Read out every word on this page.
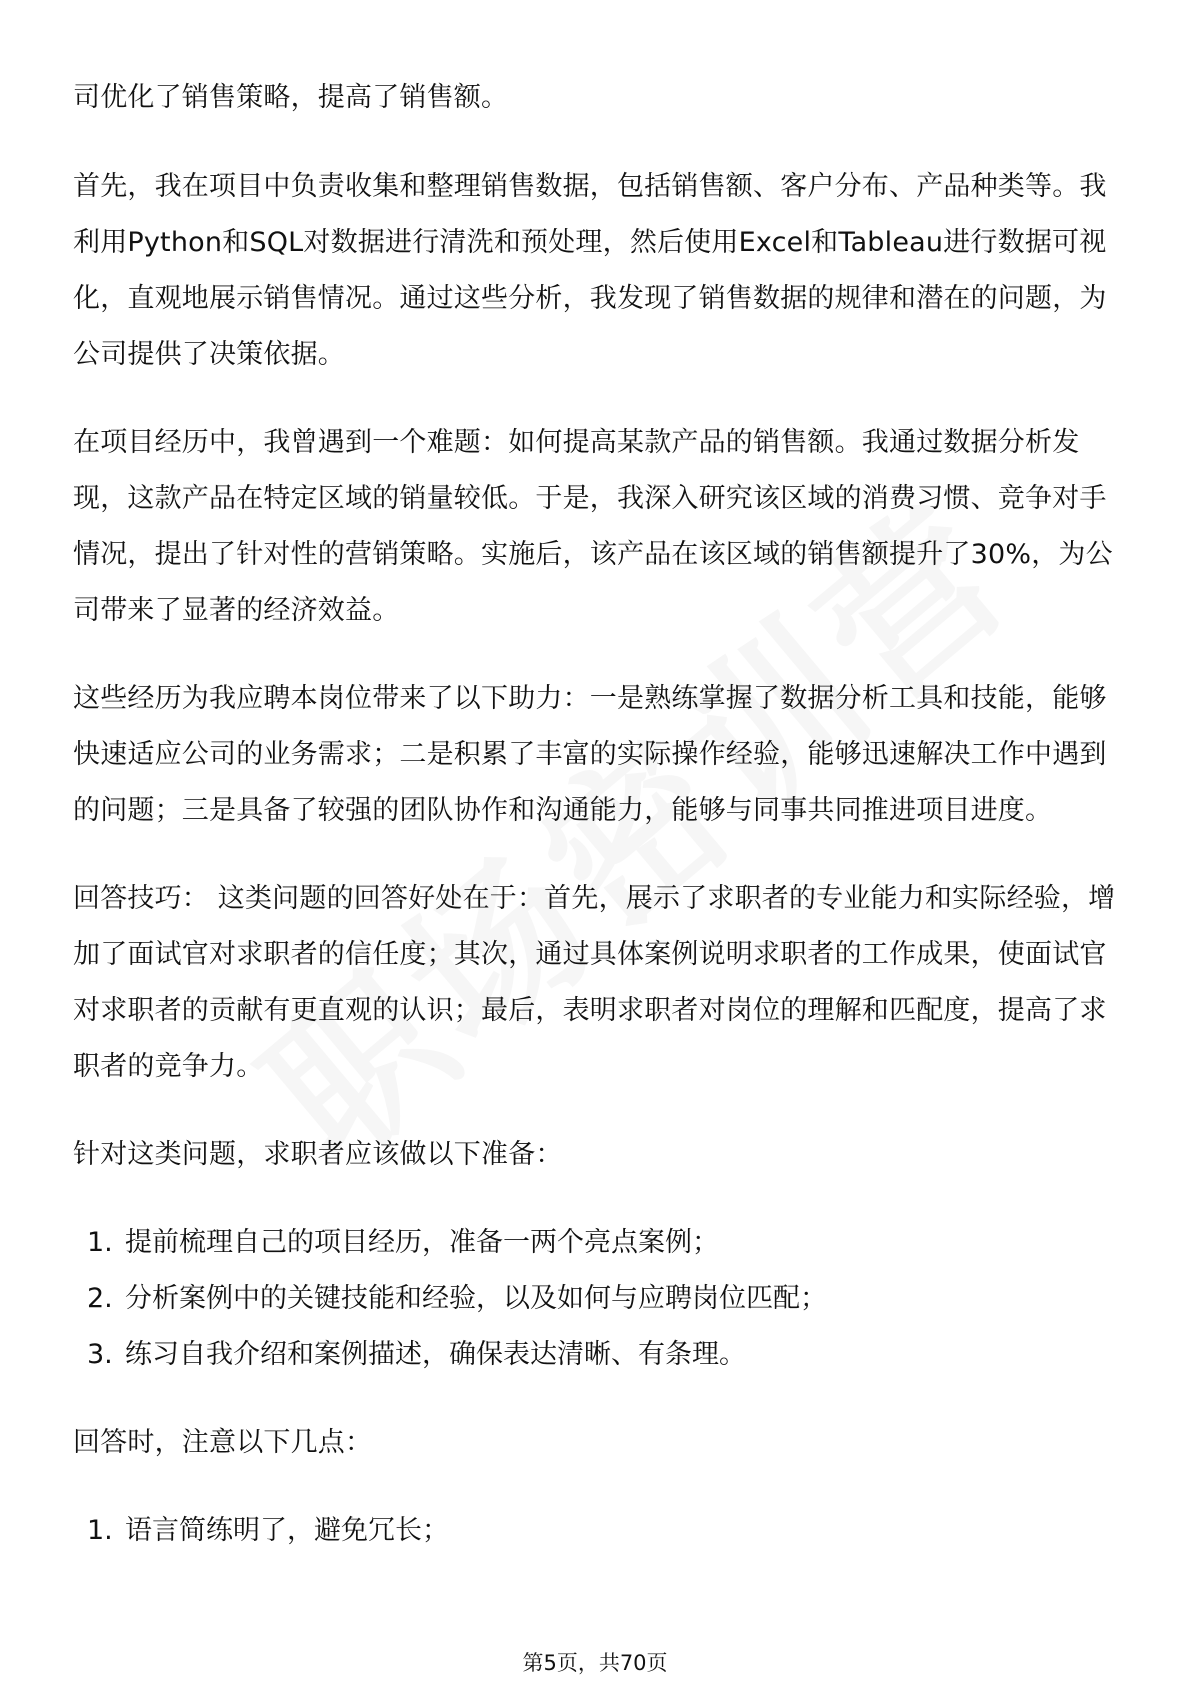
司优化了销售策略，提高了销售额。

首先，我在项目中负责收集和整理销售数据，包括销售额、客户分布、产品种类等。我利用Python和SQL对数据进行清洗和预处理，然后使用Excel和Tableau进行数据可视化，直观地展示销售情况。通过这些分析，我发现了销售数据的规律和潜在的问题，为公司提供了决策依据。

在项目经历中，我曾遇到一个难题：如何提高某款产品的销售额。我通过数据分析发现，这款产品在特定区域的销量较低。于是，我深入研究该区域的消费习惯、竞争对手情况，提出了针对性的营销策略。实施后，该产品在该区域的销售额提升了30%，为公司带来了显著的经济效益。

这些经历为我应聘本岗位带来了以下助力：一是熟练掌握了数据分析工具和技能，能够快速适应公司的业务需求；二是积累了丰富的实际操作经验，能够迅速解决工作中遇到的问题；三是具备了较强的团队协作和沟通能力，能够与同事共同推进项目进度。

回答技巧： 这类问题的回答好处在于：首先，展示了求职者的专业能力和实际经验，增加了面试官对求职者的信任度；其次，通过具体案例说明求职者的工作成果，使面试官对求职者的贡献有更直观的认识；最后，表明求职者对岗位的理解和匹配度，提高了求职者的竞争力。

针对这类问题，求职者应该做以下准备：

1. 提前梳理自己的项目经历，准备一两个亮点案例；
2. 分析案例中的关键技能和经验，以及如何与应聘岗位匹配；
3. 练习自我介绍和案例描述，确保表达清晰、有条理。

回答时，注意以下几点：

1. 语言简练明了，避免冗长；
第5页，共70页
